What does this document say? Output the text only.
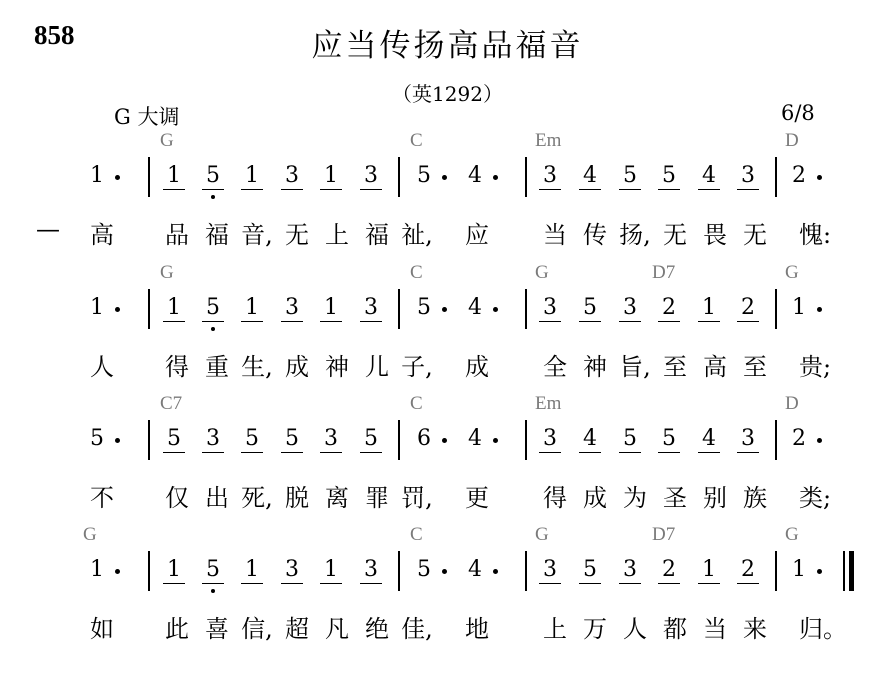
858	应当传扬高品福音
（英1292）
G 大调	6/8
G	C	Em	D
1	1 5 1 3 1 3 5 4	3 4 5 5 4 3 2
— 高 品 福 音, 无 上 福 祉, 应 当 传 扬, 无 畏 无 愧:
G	C	G	D7	G
1	1 5 1 3 1 3 5 4	3 5 3 2 1 2 1
人 得 重 生, 成 神 儿 子, 成 全 神 旨, 至 高 至 贵;
C7	C	Em	D
5	5 3 5 5 3 5 6 4	3 4 5 5 4 3 2
不 仅 出 死, 脱 离 罪 罚, 更 得 成 为 圣 别 族 类;
G	C	G	D7	G
1	1 5 1 3 1 3 5 4	3 5 3 2 1 2 1
如 此 喜 信, 超 凡 绝 佳, 地 上 万 人 都 当 来 归。
